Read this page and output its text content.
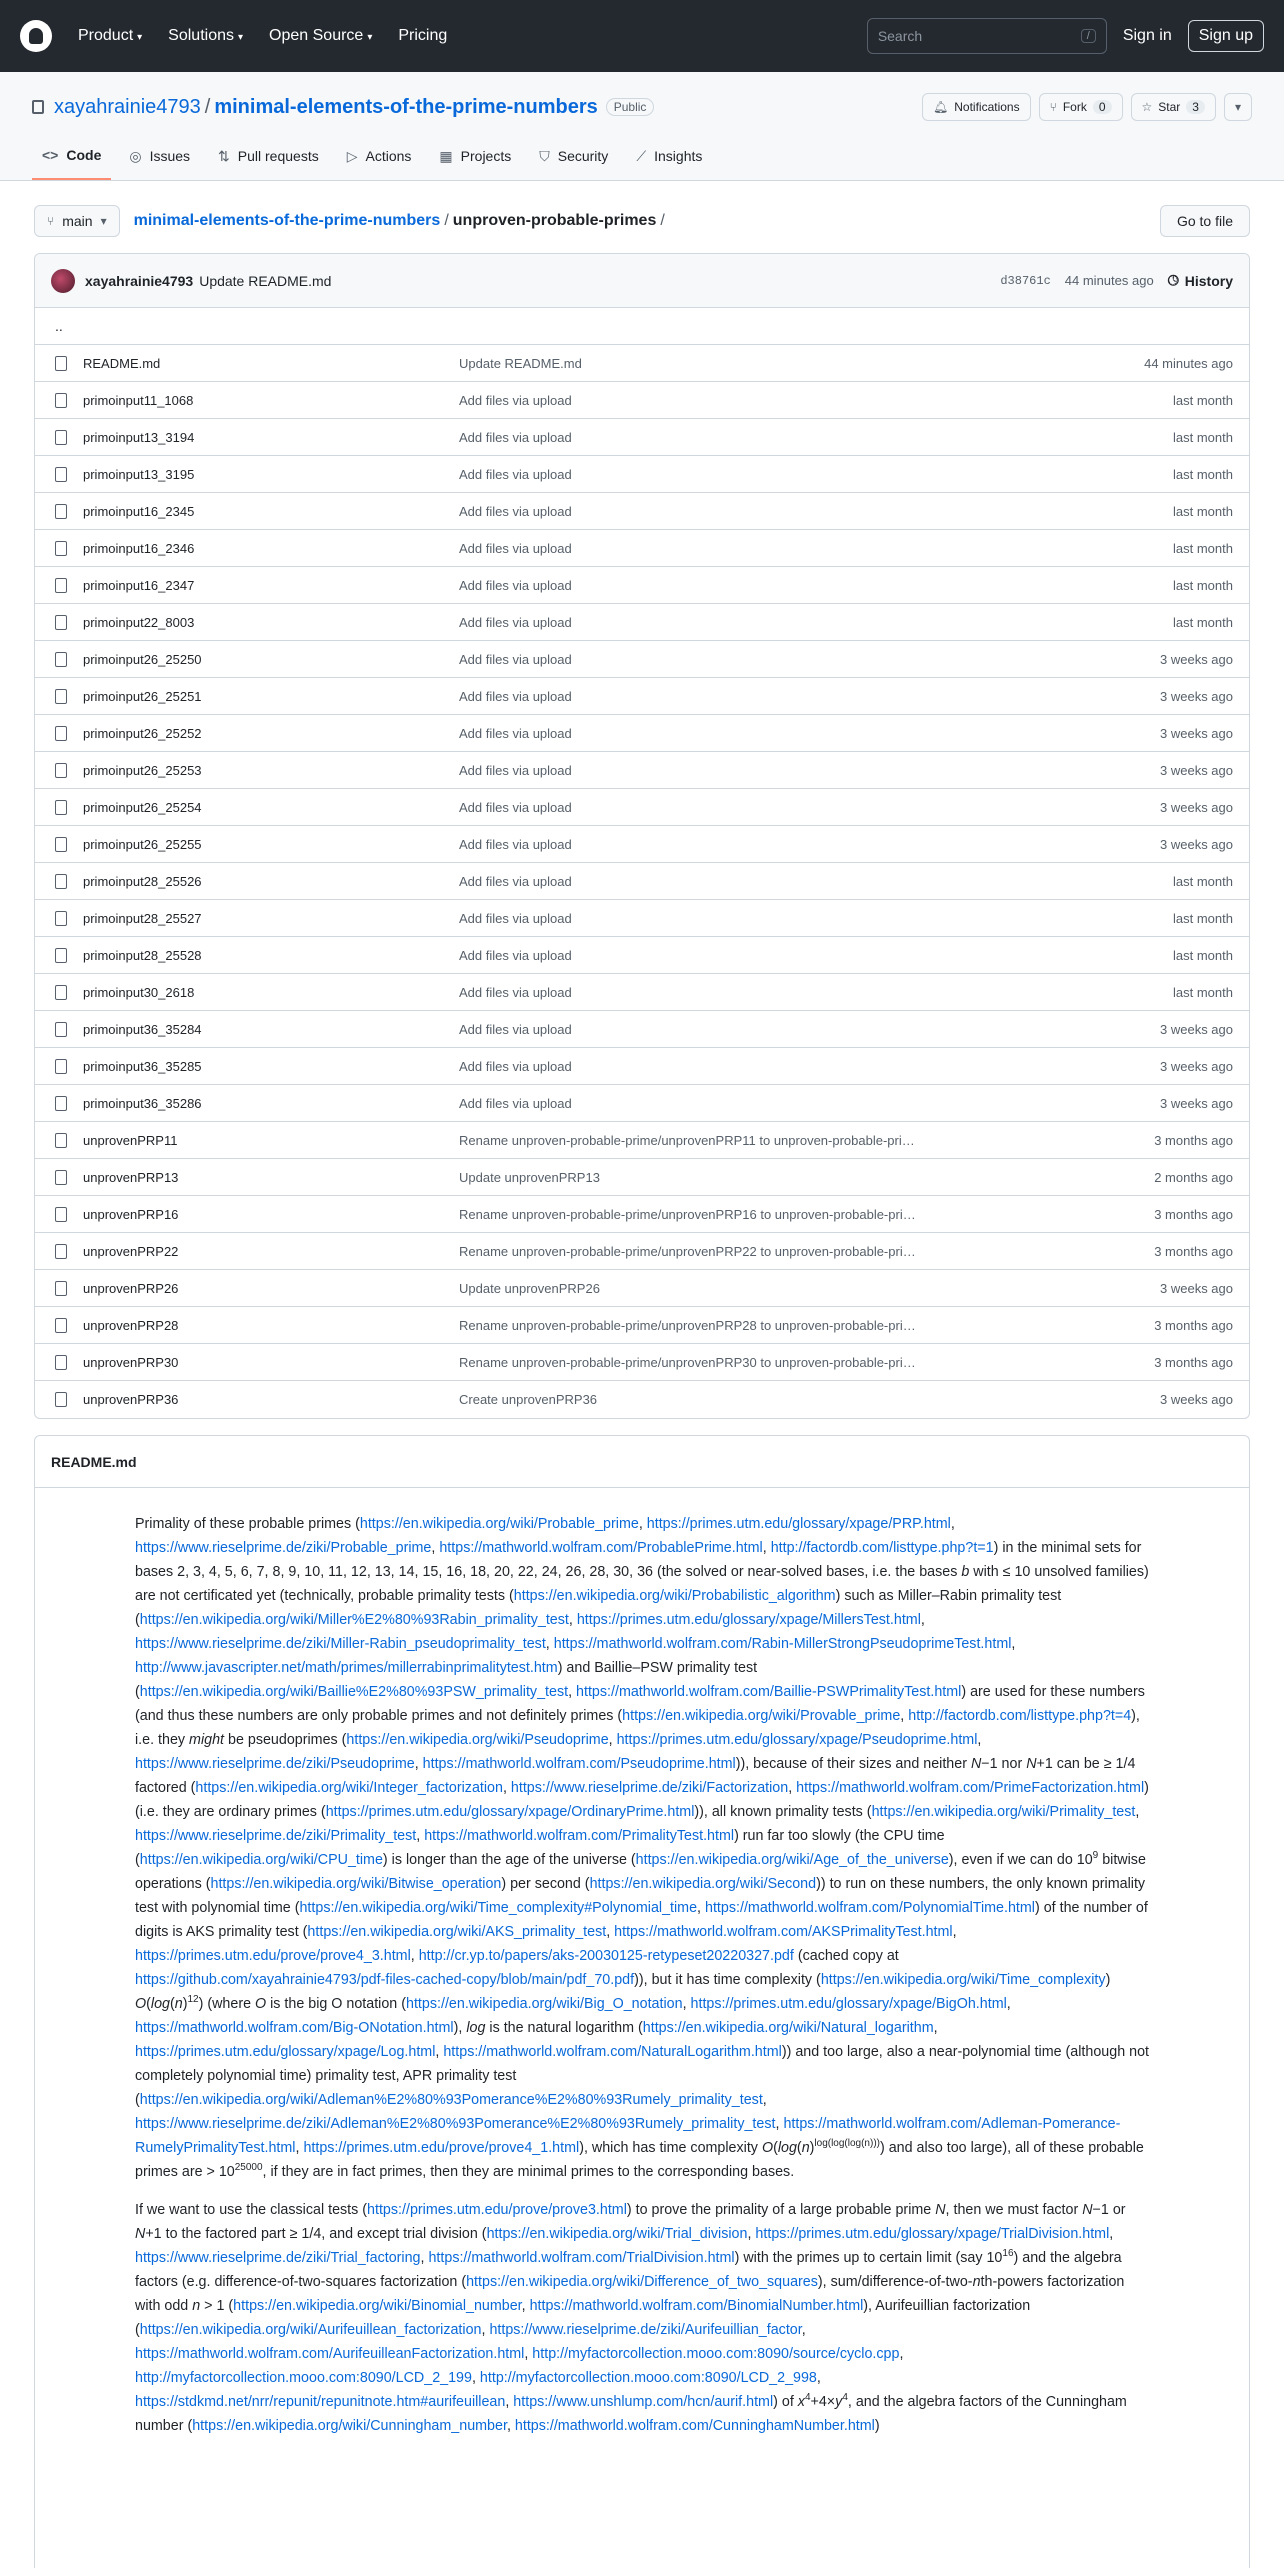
Product ▾ Solutions ▾ Open Source ▾ Pricing	Search	/	Sign in	Sign up
xayahrainie4793 / minimal-elements-of-the-prime-numbers	Public	🔔︎ Notifications	⑂ Fork	0	☆ Star	3	▾
<> Code ◎ Issues ⇅ Pull requests ▷ Actions ▦ Projects ⛉ Security ⟋ Insights
⑂ main ▾ minimal-elements-of-the-prime-numbers / unproven-probable-primes /	Go to file
xayahrainie4793 Update README.md	d38761c 44 minutes ago 🕓︎ History
..
README.md	Update README.md	44 minutes ago
primoinput11_1068	Add files via upload	last month
primoinput13_3194	Add files via upload	last month
primoinput13_3195	Add files via upload	last month
primoinput16_2345	Add files via upload	last month
primoinput16_2346	Add files via upload	last month
primoinput16_2347	Add files via upload	last month
primoinput22_8003	Add files via upload	last month
primoinput26_25250	Add files via upload	3 weeks ago
primoinput26_25251	Add files via upload	3 weeks ago
primoinput26_25252	Add files via upload	3 weeks ago
primoinput26_25253	Add files via upload	3 weeks ago
primoinput26_25254	Add files via upload	3 weeks ago
primoinput26_25255	Add files via upload	3 weeks ago
primoinput28_25526	Add files via upload	last month
primoinput28_25527	Add files via upload	last month
primoinput28_25528	Add files via upload	last month
primoinput30_2618	Add files via upload	last month
primoinput36_35284	Add files via upload	3 weeks ago
primoinput36_35285	Add files via upload	3 weeks ago
primoinput36_35286	Add files via upload	3 weeks ago
unprovenPRP11	Rename unproven-probable-prime/unprovenPRP11 to unproven-probable-pri…	3 months ago
unprovenPRP13	Update unprovenPRP13	2 months ago
unprovenPRP16	Rename unproven-probable-prime/unprovenPRP16 to unproven-probable-pri…	3 months ago
unprovenPRP22	Rename unproven-probable-prime/unprovenPRP22 to unproven-probable-pri…	3 months ago
unprovenPRP26	Update unprovenPRP26	3 weeks ago
unprovenPRP28	Rename unproven-probable-prime/unprovenPRP28 to unproven-probable-pri…	3 months ago
unprovenPRP30	Rename unproven-probable-prime/unprovenPRP30 to unproven-probable-pri…	3 months ago
unprovenPRP36	Create unprovenPRP36	3 weeks ago
README.md

Primality of these probable primes (https://en.wikipedia.org/wiki/Probable_prime, https://primes.utm.edu/glossary/xpage/PRP.html, https://www.rieselprime.de/ziki/Probable_prime, https://mathworld.wolfram.com/ProbablePrime.html, http://factordb.com/listtype.php?t=1) in the minimal sets for bases 2, 3, 4, 5, 6, 7, 8, 9, 10, 11, 12, 13, 14, 15, 16, 18, 20, 22, 24, 26, 28, 30, 36 (the solved or near-solved bases, i.e. the bases b with ≤ 10 unsolved families) are not certificated yet (technically, probable primality tests (https://en.wikipedia.org/wiki/Probabilistic_algorithm) such as Miller–Rabin primality test (https://en.wikipedia.org/wiki/Miller%E2%80%93Rabin_primality_test, https://primes.utm.edu/glossary/xpage/MillersTest.html, https://www.rieselprime.de/ziki/Miller-Rabin_pseudoprimality_test, https://mathworld.wolfram.com/Rabin-MillerStrongPseudoprimeTest.html, http://www.javascripter.net/math/primes/millerrabinprimalitytest.htm) and Baillie–PSW primality test (https://en.wikipedia.org/wiki/Baillie%E2%80%93PSW_primality_test, https://mathworld.wolfram.com/Baillie-PSWPrimalityTest.html) are used for these numbers (and thus these numbers are only probable primes and not definitely primes (https://en.wikipedia.org/wiki/Provable_prime, http://factordb.com/listtype.php?t=4), i.e. they might be pseudoprimes (https://en.wikipedia.org/wiki/Pseudoprime, https://primes.utm.edu/glossary/xpage/Pseudoprime.html, https://www.rieselprime.de/ziki/Pseudoprime, https://mathworld.wolfram.com/Pseudoprime.html)), because of their sizes and neither N−1 nor N+1 can be ≥ 1/4 factored (https://en.wikipedia.org/wiki/Integer_factorization, https://www.rieselprime.de/ziki/Factorization, https://mathworld.wolfram.com/PrimeFactorization.html) (i.e. they are ordinary primes (https://primes.utm.edu/glossary/xpage/OrdinaryPrime.html)), all known primality tests (https://en.wikipedia.org/wiki/Primality_test, https://www.rieselprime.de/ziki/Primality_test, https://mathworld.wolfram.com/PrimalityTest.html) run far too slowly (the CPU time (https://en.wikipedia.org/wiki/CPU_time) is longer than the age of the universe (https://en.wikipedia.org/wiki/Age_of_the_universe), even if we can do $10^9$ bitwise operations (https://en.wikipedia.org/wiki/Bitwise_operation) per second (https://en.wikipedia.org/wiki/Second)) to run on these numbers, the only known primality test with polynomial time (https://en.wikipedia.org/wiki/Time_complexity#Polynomial_time, https://mathworld.wolfram.com/PolynomialTime.html) of the number of digits is AKS primality test (https://en.wikipedia.org/wiki/AKS_primality_test, https://mathworld.wolfram.com/AKSPrimalityTest.html, https://primes.utm.edu/prove/prove4_3.html, http://cr.yp.to/papers/aks-20030125-retypeset20220327.pdf (cached copy at https://github.com/xayahrainie4793/pdf-files-cached-copy/blob/main/pdf_70.pdf)), but it has time complexity (https://en.wikipedia.org/wiki/Time_complexity) $O(\log(n)^{12})$ (where O is the big O notation (https://en.wikipedia.org/wiki/Big_O_notation, https://primes.utm.edu/glossary/xpage/BigOh.html, https://mathworld.wolfram.com/Big-ONotation.html), log is the natural logarithm (https://en.wikipedia.org/wiki/Natural_logarithm, https://primes.utm.edu/glossary/xpage/Log.html, https://mathworld.wolfram.com/NaturalLogarithm.html)) and too large, also a near-polynomial time (although not completely polynomial time) primality test, APR primality test (https://en.wikipedia.org/wiki/Adleman%E2%80%93Pomerance%E2%80%93Rumely_primality_test, https://www.rieselprime.de/ziki/Adleman%E2%80%93Pomerance%E2%80%93Rumely_primality_test, https://mathworld.wolfram.com/Adleman-Pomerance-RumelyPrimalityTest.html, https://primes.utm.edu/prove/prove4_1.html), which has time complexity $O(\log(n)^{log(log(log(n)))})$ and also too large), all of these probable primes are > $10^{25000}$, if they are in fact primes, then they are minimal primes to the corresponding bases.

If we want to use the classical tests (https://primes.utm.edu/prove/prove3.html) to prove the primality of a large probable prime N, then we must factor N−1 or N+1 to the factored part ≥ 1/4, and except trial division (https://en.wikipedia.org/wiki/Trial_division, https://primes.utm.edu/glossary/xpage/TrialDivision.html, https://www.rieselprime.de/ziki/Trial_factoring, https://mathworld.wolfram.com/TrialDivision.html) with the primes up to certain limit (say $10^{16}$) and the algebra factors (e.g. difference-of-two-squares factorization (https://en.wikipedia.org/wiki/Difference_of_two_squares), sum/difference-of-two-nth-powers factorization with odd n > 1 (https://en.wikipedia.org/wiki/Binomial_number, https://mathworld.wolfram.com/BinomialNumber.html), Aurifeuillian factorization (https://en.wikipedia.org/wiki/Aurifeuillean_factorization, https://www.rieselprime.de/ziki/Aurifeuillian_factor, https://mathworld.wolfram.com/AurifeuilleanFactorization.html, http://myfactorcollection.mooo.com:8090/source/cyclo.cpp, http://myfactorcollection.mooo.com:8090/LCD_2_199, http://myfactorcollection.mooo.com:8090/LCD_2_998, https://stdkmd.net/nrr/repunit/repunitnote.htm#aurifeuillean, https://www.unshlump.com/hcn/aurif.html) of $x^4+4\times y^4$, and the algebra factors of the Cunningham number (https://en.wikipedia.org/wiki/Cunningham_number, https://mathworld.wolfram.com/CunninghamNumber.html)
